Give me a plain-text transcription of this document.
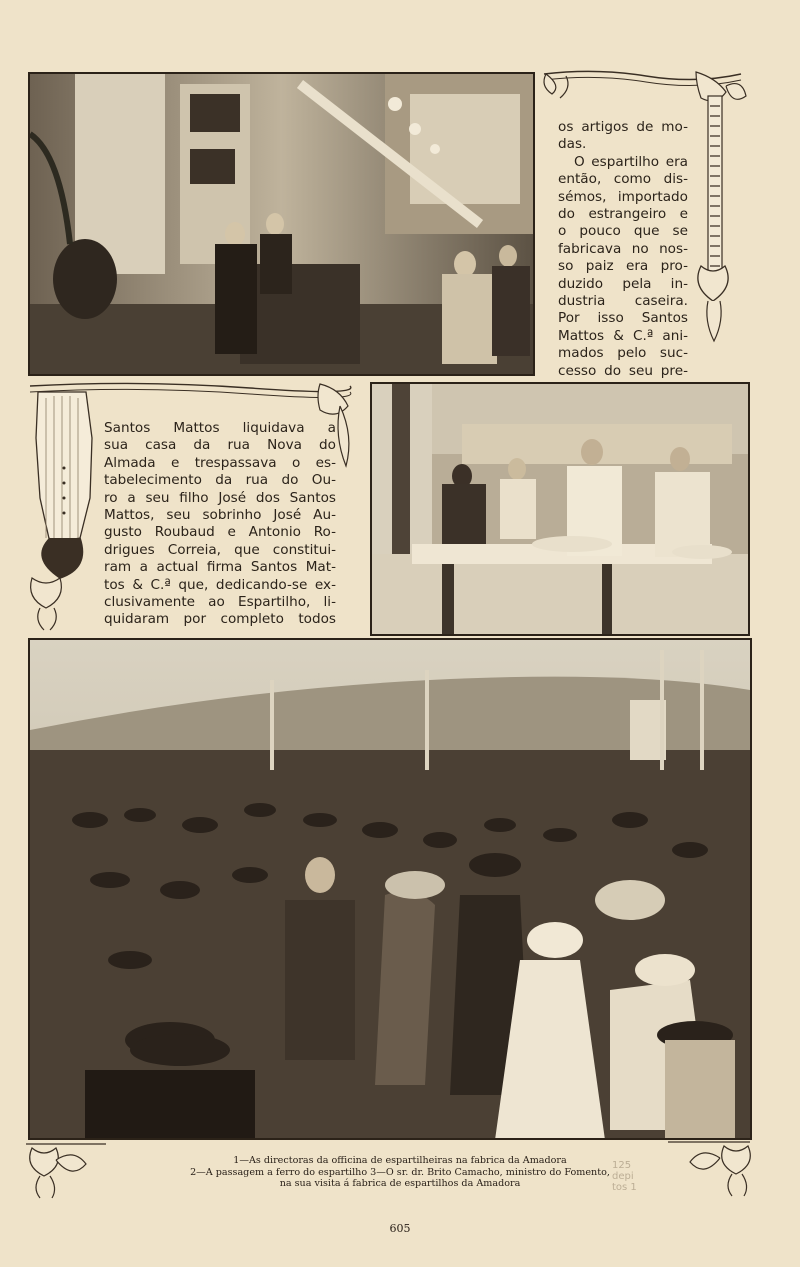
os artigos de mo-
das.
O espartilho era
então, como dis-
sémos, importado
do estrangeiro e
o pouco que se
fabricava no nos-
so paiz era pro-
duzido pela in-
dustria caseira.
Por isso Santos
Mattos & C.ª ani-
mados pelo suc-
cesso do seu pre-
Santos Mattos liquidava a
sua casa da rua Nova do
Almada e trespassava o es-
tabelecimento da rua do Ou-
ro a seu filho José dos Santos
Mattos, seu sobrinho José Au-
gusto Roubaud e Antonio Ro-
drigues Correia, que constitui-
ram a actual firma Santos Mat-
tos & C.ª que, dedicando-se ex-
clusivamente ao Espartilho, li-
quidaram por completo todos
125
depi
tos 1
1—As directoras da officina de espartilheiras na fabrica da Amadora
2—A passagem a ferro do espartilho 3—O sr. dr. Brito Camacho, ministro do Fomento,
na sua visita á fabrica de espartilhos da Amadora
605
